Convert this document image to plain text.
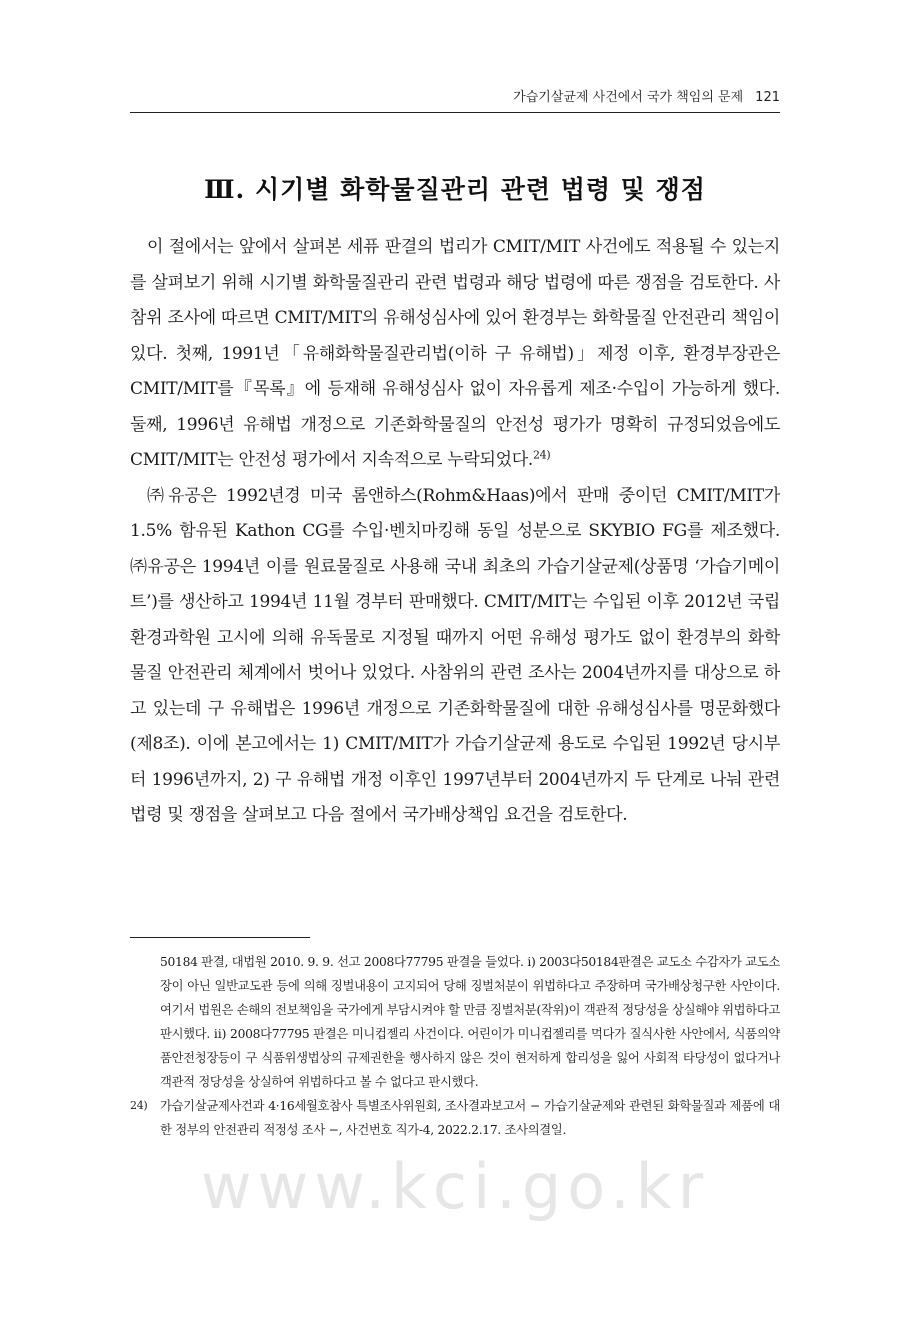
가습기살균제 사건에서 국가 책임의 문제 121
Ⅲ. 시기별 화학물질관리 관련 법령 및 쟁점

이 절에서는 앞에서 살펴본 세퓨 판결의 법리가 CMIT/MIT 사건에도 적용될 수 있는지를 살펴보기 위해 시기별 화학물질관리 관련 법령과 해당 법령에 따른 쟁점을 검토한다. 사참위 조사에 따르면 CMIT/MIT의 유해성심사에 있어 환경부는 화학물질 안전관리 책임이 있다. 첫째, 1991년「유해화학물질관리법(이하 구 유해법)」제정 이후, 환경부장관은 CMIT/MIT를『목록』에 등재해 유해성심사 없이 자유롭게 제조·수입이 가능하게 했다. 둘째, 1996년 유해법 개정으로 기존화학물질의 안전성 평가가 명확히 규정되었음에도 CMIT/MIT는 안전성 평가에서 지속적으로 누락되었다.$^{24)}$

㈜유공은 1992년경 미국 롬앤하스(Rohm&Haas)에서 판매 중이던 CMIT/MIT가 1.5% 함유된 Kathon CG를 수입·벤치마킹해 동일 성분으로 SKYBIO FG를 제조했다. ㈜유공은 1994년 이를 원료물질로 사용해 국내 최초의 가습기살균제(상품명 ‘가습기메이트’)를 생산하고 1994년 11월 경부터 판매했다. CMIT/MIT는 수입된 이후 2012년 국립환경과학원 고시에 의해 유독물로 지정될 때까지 어떤 유해성 평가도 없이 환경부의 화학물질 안전관리 체계에서 벗어나 있었다. 사참위의 관련 조사는 2004년까지를 대상으로 하고 있는데 구 유해법은 1996년 개정으로 기존화학물질에 대한 유해성심사를 명문화했다(제8조). 이에 본고에서는 1) CMIT/MIT가 가습기살균제 용도로 수입된 1992년 당시부터 1996년까지, 2) 구 유해법 개정 이후인 1997년부터 2004년까지 두 단계로 나눠 관련 법령 및 쟁점을 살펴보고 다음 절에서 국가배상책임 요건을 검토한다.

50184 판결, 대법원 2010. 9. 9. 선고 2008다77795 판결을 들었다. ⅰ) 2003다50184판결은 교도소 수감자가 교도소장이 아닌 일반교도관 등에 의해 징벌내용이 고지되어 당해 징벌처분이 위법하다고 주장하며 국가배상청구한 사안이다. 여기서 법원은 손해의 전보책임을 국가에게 부담시켜야 할 만큼 징벌처분(작위)이 객관적 정당성을 상실해야 위법하다고 판시했다. ⅱ) 2008다77795 판결은 미니컵젤리 사건이다. 어린이가 미니컵젤리를 먹다가 질식사한 사안에서, 식품의약품안전청장등이 구 식품위생법상의 규제권한을 행사하지 않은 것이 현저하게 합리성을 잃어 사회적 타당성이 없다거나 객관적 정당성을 상실하여 위법하다고 볼 수 없다고 판시했다.

24) 가습기살균제사건과 4·16세월호참사 특별조사위원회, 조사결과보고서 − 가습기살균제와 관련된 화학물질과 제품에 대한 정부의 안전관리 적정성 조사 −, 사건번호 직가-4, 2022.2.17. 조사의결일.

www.kci.go.kr
